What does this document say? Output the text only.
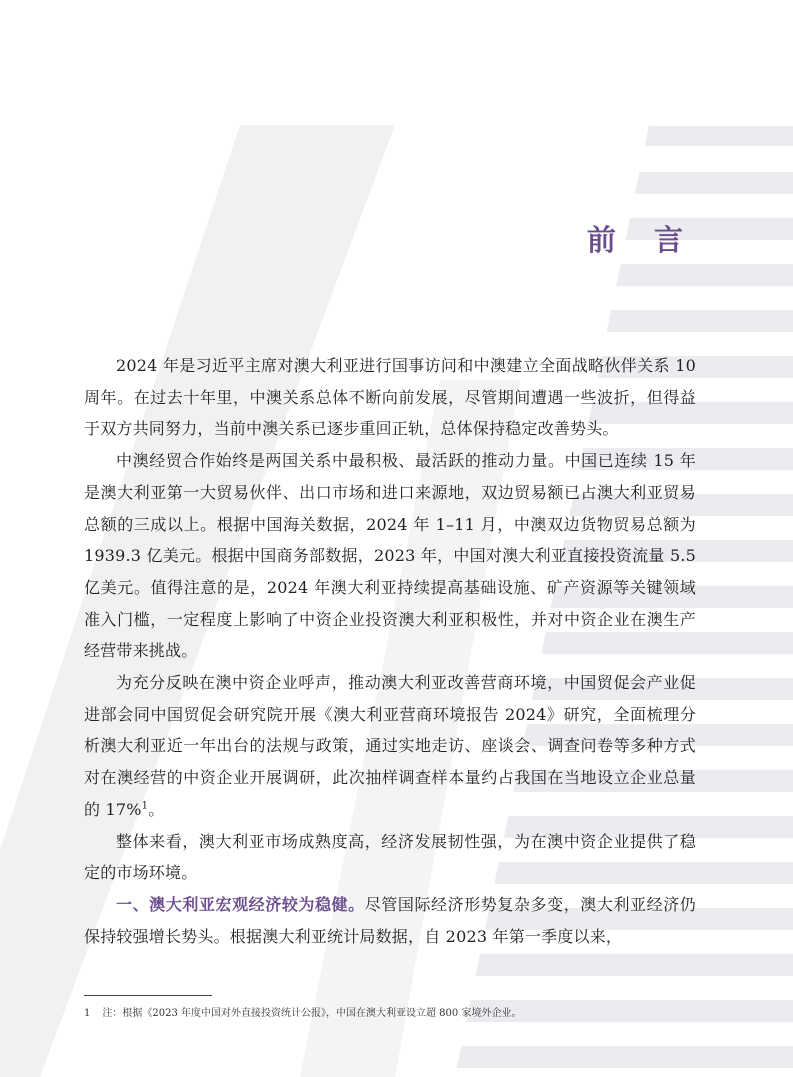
前 言

2024 年是习近平主席对澳大利亚进行国事访问和中澳建立全面战略伙伴关系 10 周年。在过去十年里，中澳关系总体不断向前发展，尽管期间遭遇一些波折，但得益于双方共同努力，当前中澳关系已逐步重回正轨，总体保持稳定改善势头。

中澳经贸合作始终是两国关系中最积极、最活跃的推动力量。中国已连续 15 年是澳大利亚第一大贸易伙伴、出口市场和进口来源地，双边贸易额已占澳大利亚贸易总额的三成以上。根据中国海关数据，2024 年 1–11 月，中澳双边货物贸易总额为 1939.3 亿美元。根据中国商务部数据，2023 年，中国对澳大利亚直接投资流量 5.5 亿美元。值得注意的是，2024 年澳大利亚持续提高基础设施、矿产资源等关键领域准入门槛，一定程度上影响了中资企业投资澳大利亚积极性，并对中资企业在澳生产经营带来挑战。

为充分反映在澳中资企业呼声，推动澳大利亚改善营商环境，中国贸促会产业促进部会同中国贸促会研究院开展《澳大利亚营商环境报告 2024》研究，全面梳理分析澳大利亚近一年出台的法规与政策，通过实地走访、座谈会、调查问卷等多种方式对在澳经营的中资企业开展调研，此次抽样调查样本量约占我国在当地设立企业总量的 17%$^1$。

整体来看，澳大利亚市场成熟度高，经济发展韧性强，为在澳中资企业提供了稳定的市场环境。

一、澳大利亚宏观经济较为稳健。尽管国际经济形势复杂多变，澳大利亚经济仍保持较强增长势头。根据澳大利亚统计局数据，自 2023 年第一季度以来，

1 注：根据《2023 年度中国对外直接投资统计公报》，中国在澳大利亚设立超 800 家境外企业。
